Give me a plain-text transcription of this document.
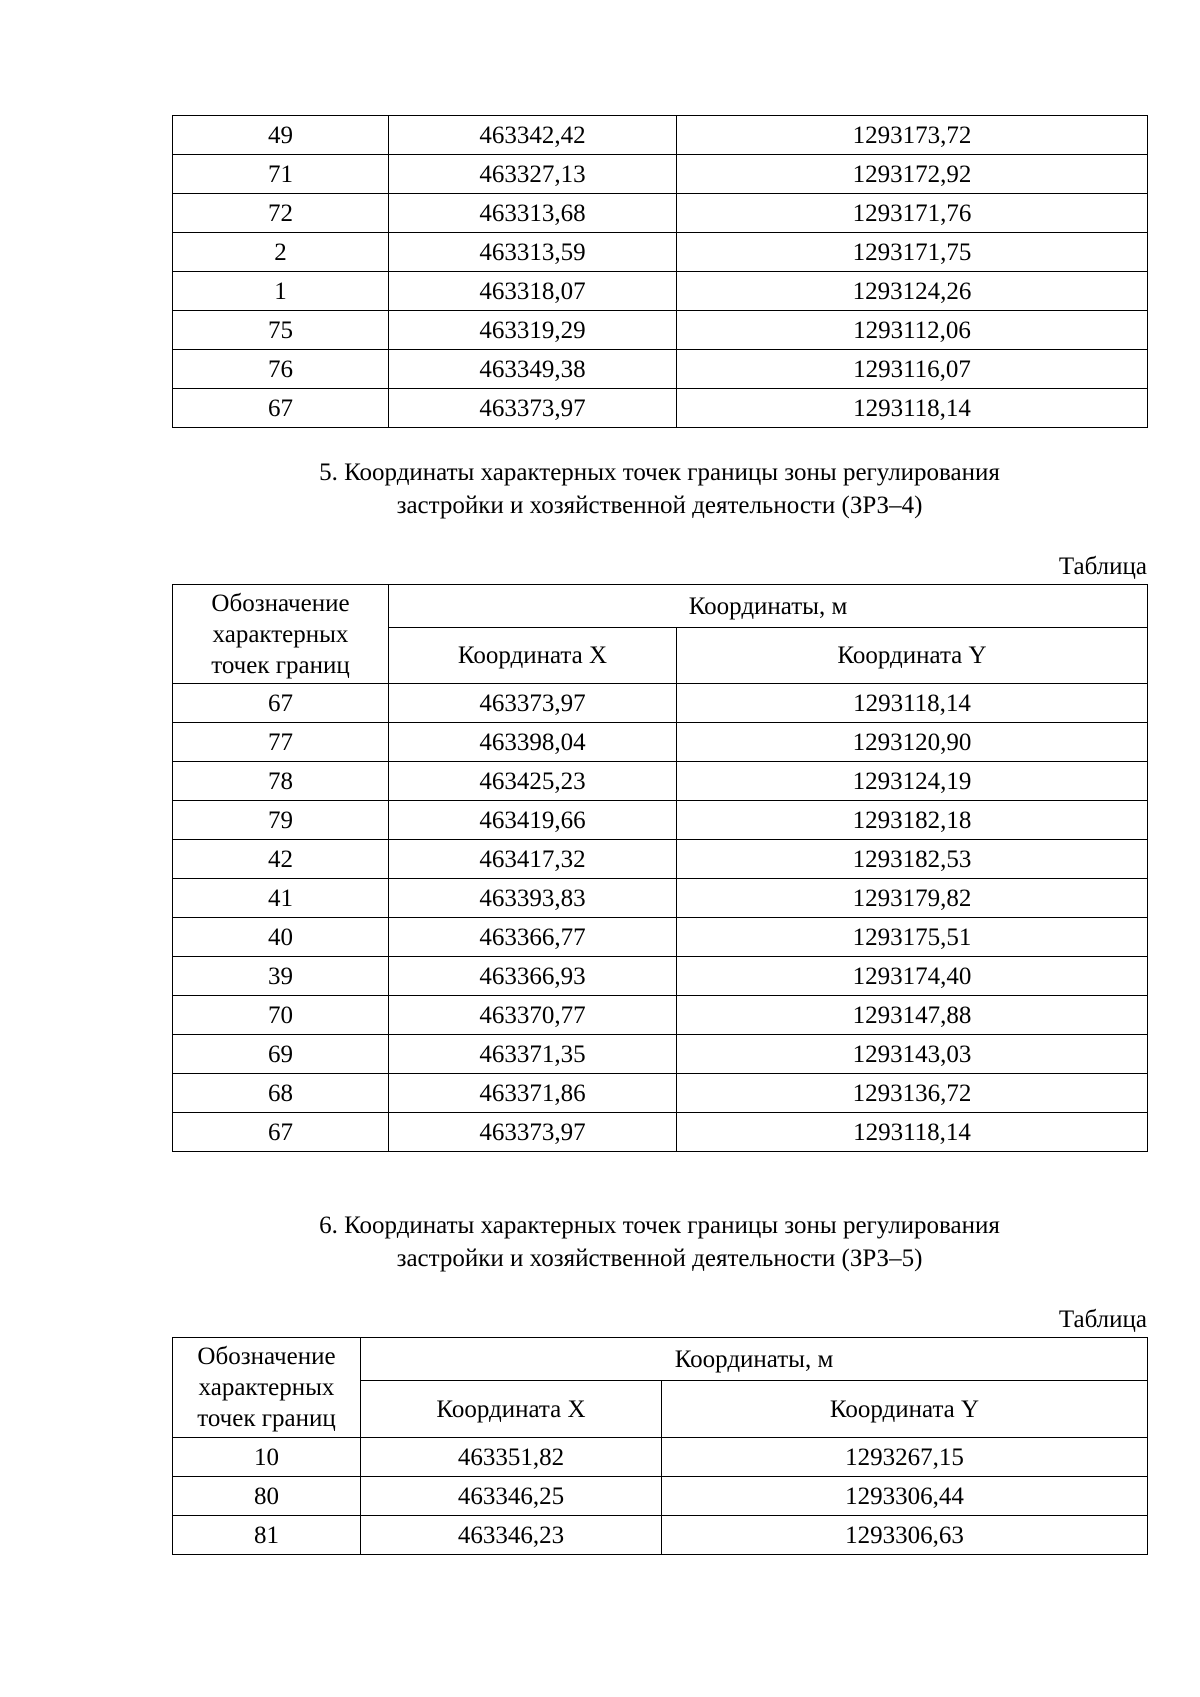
49	463342,42	1293173,72
71	463327,13	1293172,92
72	463313,68	1293171,76
2	463313,59	1293171,75
1	463318,07	1293124,26
75	463319,29	1293112,06
76	463349,38	1293116,07
67	463373,97	1293118,14
5. Координаты характерных точек границы зоны регулирования
застройки и хозяйственной деятельности (ЗРЗ–4)
Таблица
Обозначение
характерных
точек границ	Координаты, м	
	Координата X	Координата Y
67	463373,97	1293118,14
77	463398,04	1293120,90
78	463425,23	1293124,19
79	463419,66	1293182,18
42	463417,32	1293182,53
41	463393,83	1293179,82
40	463366,77	1293175,51
39	463366,93	1293174,40
70	463370,77	1293147,88
69	463371,35	1293143,03
68	463371,86	1293136,72
67	463373,97	1293118,14
6. Координаты характерных точек границы зоны регулирования
застройки и хозяйственной деятельности (ЗРЗ–5)
Таблица
Обозначение
характерных
точек границ	Координаты, м	
	Координата X	Координата Y
10	463351,82	1293267,15
80	463346,25	1293306,44
81	463346,23	1293306,63
